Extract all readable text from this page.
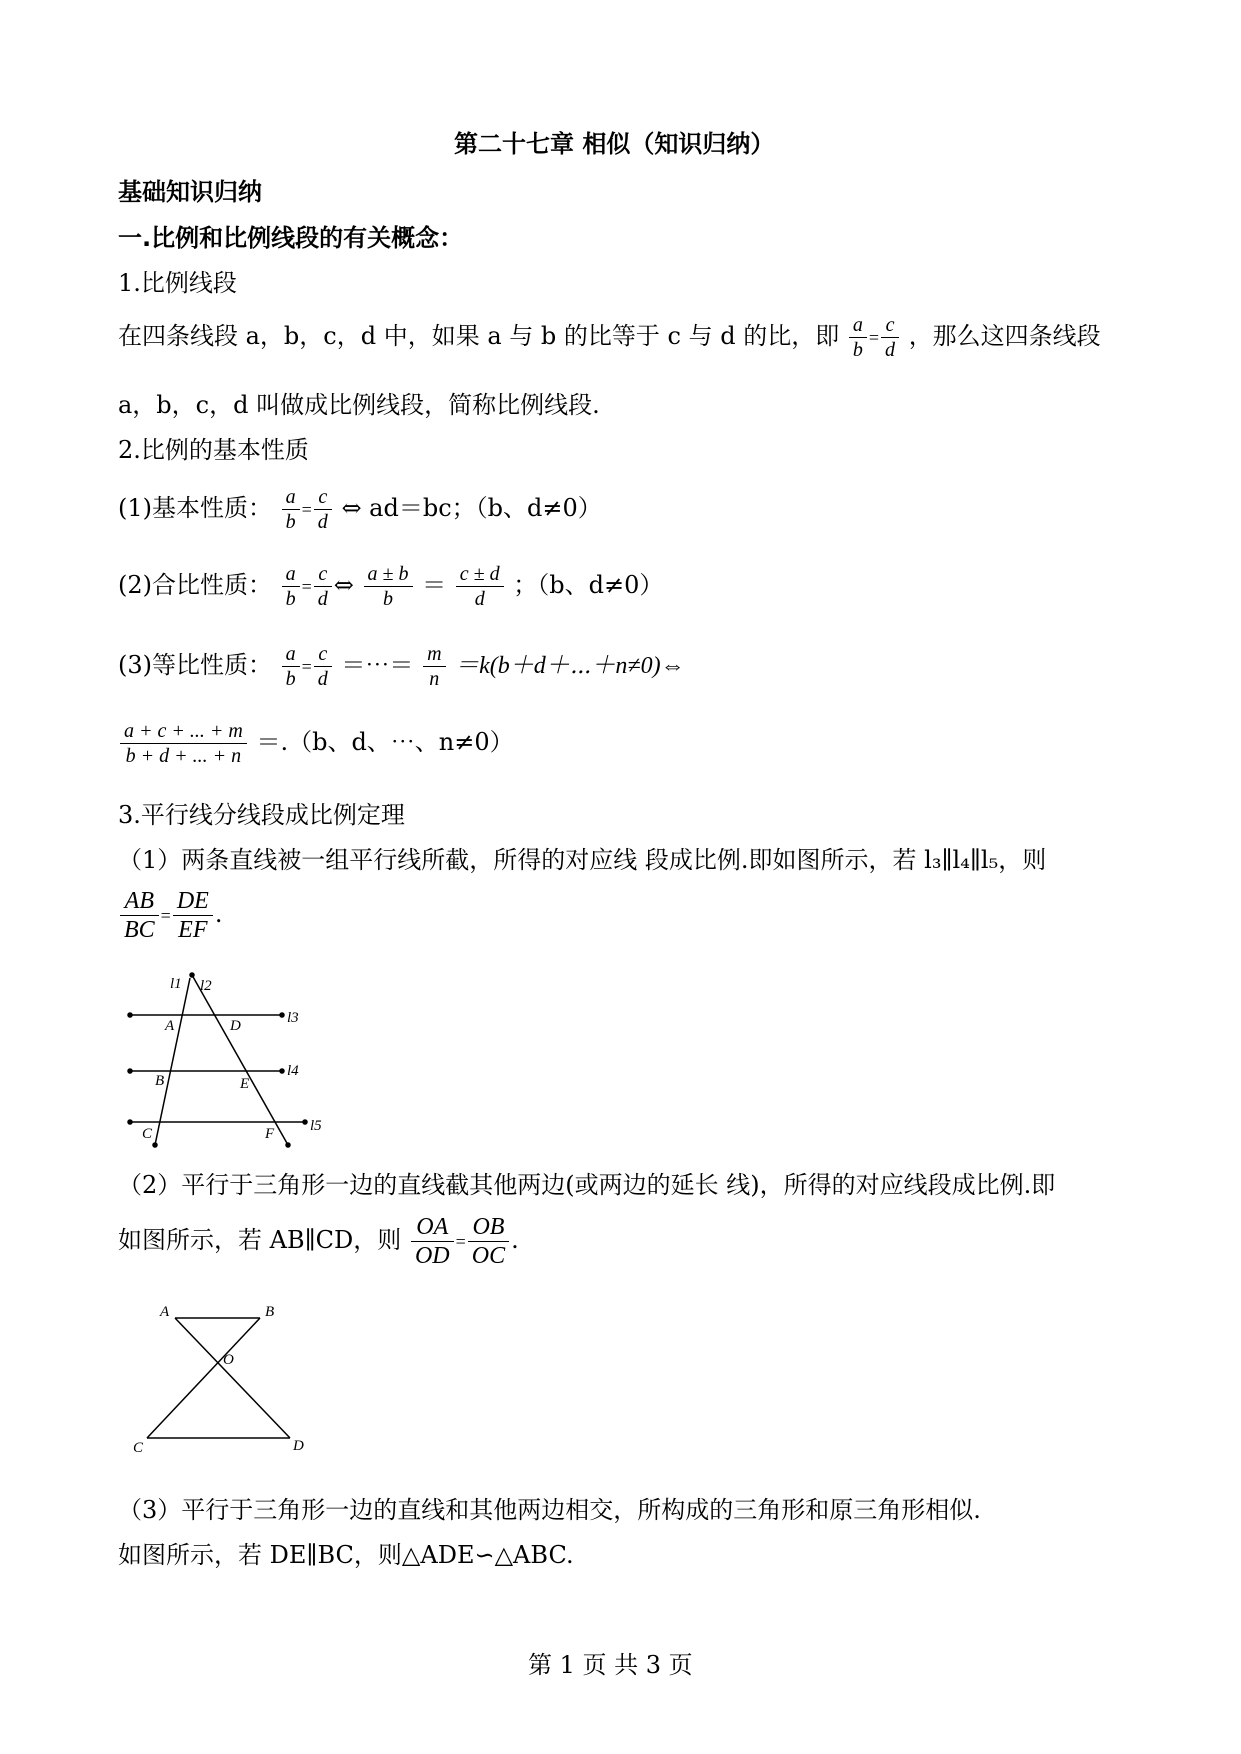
第二十七章 相似（知识归纳）
基础知识归纳
一.比例和比例线段的有关概念：
1.比例线段
在四条线段 a，b，c，d 中，如果 a 与 b 的比等于 c 与 d 的比，即 $\frac{a}{b} = \frac{c}{d}$ ，那么这四条线段
a，b，c，d 叫做成比例线段，简称比例线段.
2.比例的基本性质
(1)基本性质： $\frac{a}{b} = \frac{c}{d}$ ⇔ ad＝bc；（b、d≠0）
(2)合比性质： $\frac{a}{b} = \frac{c}{d}$ ⇔ $\frac{a \pm b}{b} = \frac{c \pm d}{d}$ ；（b、d≠0）
(3)等比性质： $\frac{a}{b} = \frac{c}{d}$ ＝⋯＝ $\frac{m}{n}$ ＝k(b＋d＋⋯＋n≠0)⇔
$\frac{a + c + ... + m}{b + d + ... + n} =.(b$、d、⋯、n≠0）
3.平行线分线段成比例定理
（1）两条直线被一组平行线所截，所得的对应线 段成比例.即如图所示，若 l₃∥l₄∥l₅，则
$\frac{AB}{BC} = \frac{DE}{EF}$ .
l1 l2
l3
l4
l5
A	D
B	E
C	F
（2）平行于三角形一边的直线截其他两边(或两边的延长 线)，所得的对应线段成比例.即
如图所示，若 AB∥CD，则 $\frac{OA}{OD} = \frac{OB}{OC}$ .
A	B
O
C	D
（3）平行于三角形一边的直线和其他两边相交，所构成的三角形和原三角形相似.
如图所示，若 DE∥BC，则△ADE∽△ABC.
第 1 页 共 3 页
